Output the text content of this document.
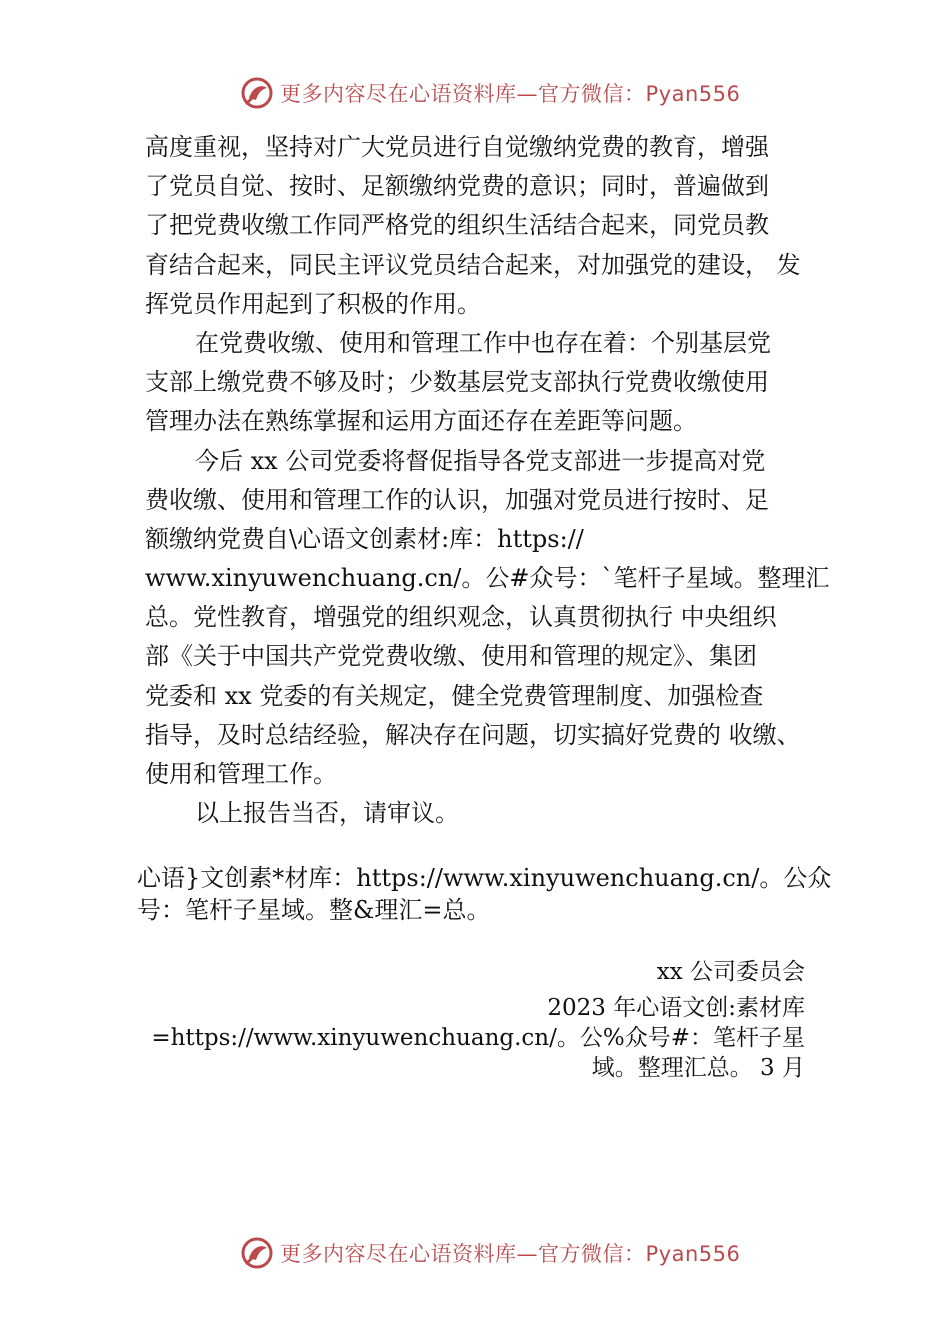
更多内容尽在心语资料库—官方微信：Pyan556
高度重视，坚持对广大党员进行自觉缴纳党费的教育，增强
了党员自觉、按时、足额缴纳党费的意识；同时，普遍做到
了把党费收缴工作同严格党的组织生活结合起来，同党员教
育结合起来，同民主评议党员结合起来，对加强党的建设， 发
挥党员作用起到了积极的作用。
在党费收缴、使用和管理工作中也存在着：个别基层党
支部上缴党费不够及时；少数基层党支部执行党费收缴使用
管理办法在熟练掌握和运用方面还存在差距等问题。
今后 xx 公司党委将督促指导各党支部进一步提高对党
费收缴、使用和管理工作的认识，加强对党员进行按时、足
额缴纳党费自\心语文创素材:库：https://
www.xinyuwenchuang.cn/。公#众号：`笔杆子星域。整理汇
总。党性教育，增强党的组织观念，认真贯彻执行 中央组织
部《关于中国共产党党费收缴、使用和管理的规定》、集团
党委和 xx 党委的有关规定，健全党费管理制度、加强检查
指导，及时总结经验，解决存在问题，切实搞好党费的 收缴、
使用和管理工作。
以上报告当否，请审议。
心语}文创素*材库：https://www.xinyuwenchuang.cn/。公众
号：笔杆子星域。整&理汇=总。
xx 公司委员会
2023 年心语文创:素材库
=https://www.xinyuwenchuang.cn/。公%众号#：笔杆子星
域。整理汇总。 3 月
更多内容尽在心语资料库—官方微信：Pyan556
